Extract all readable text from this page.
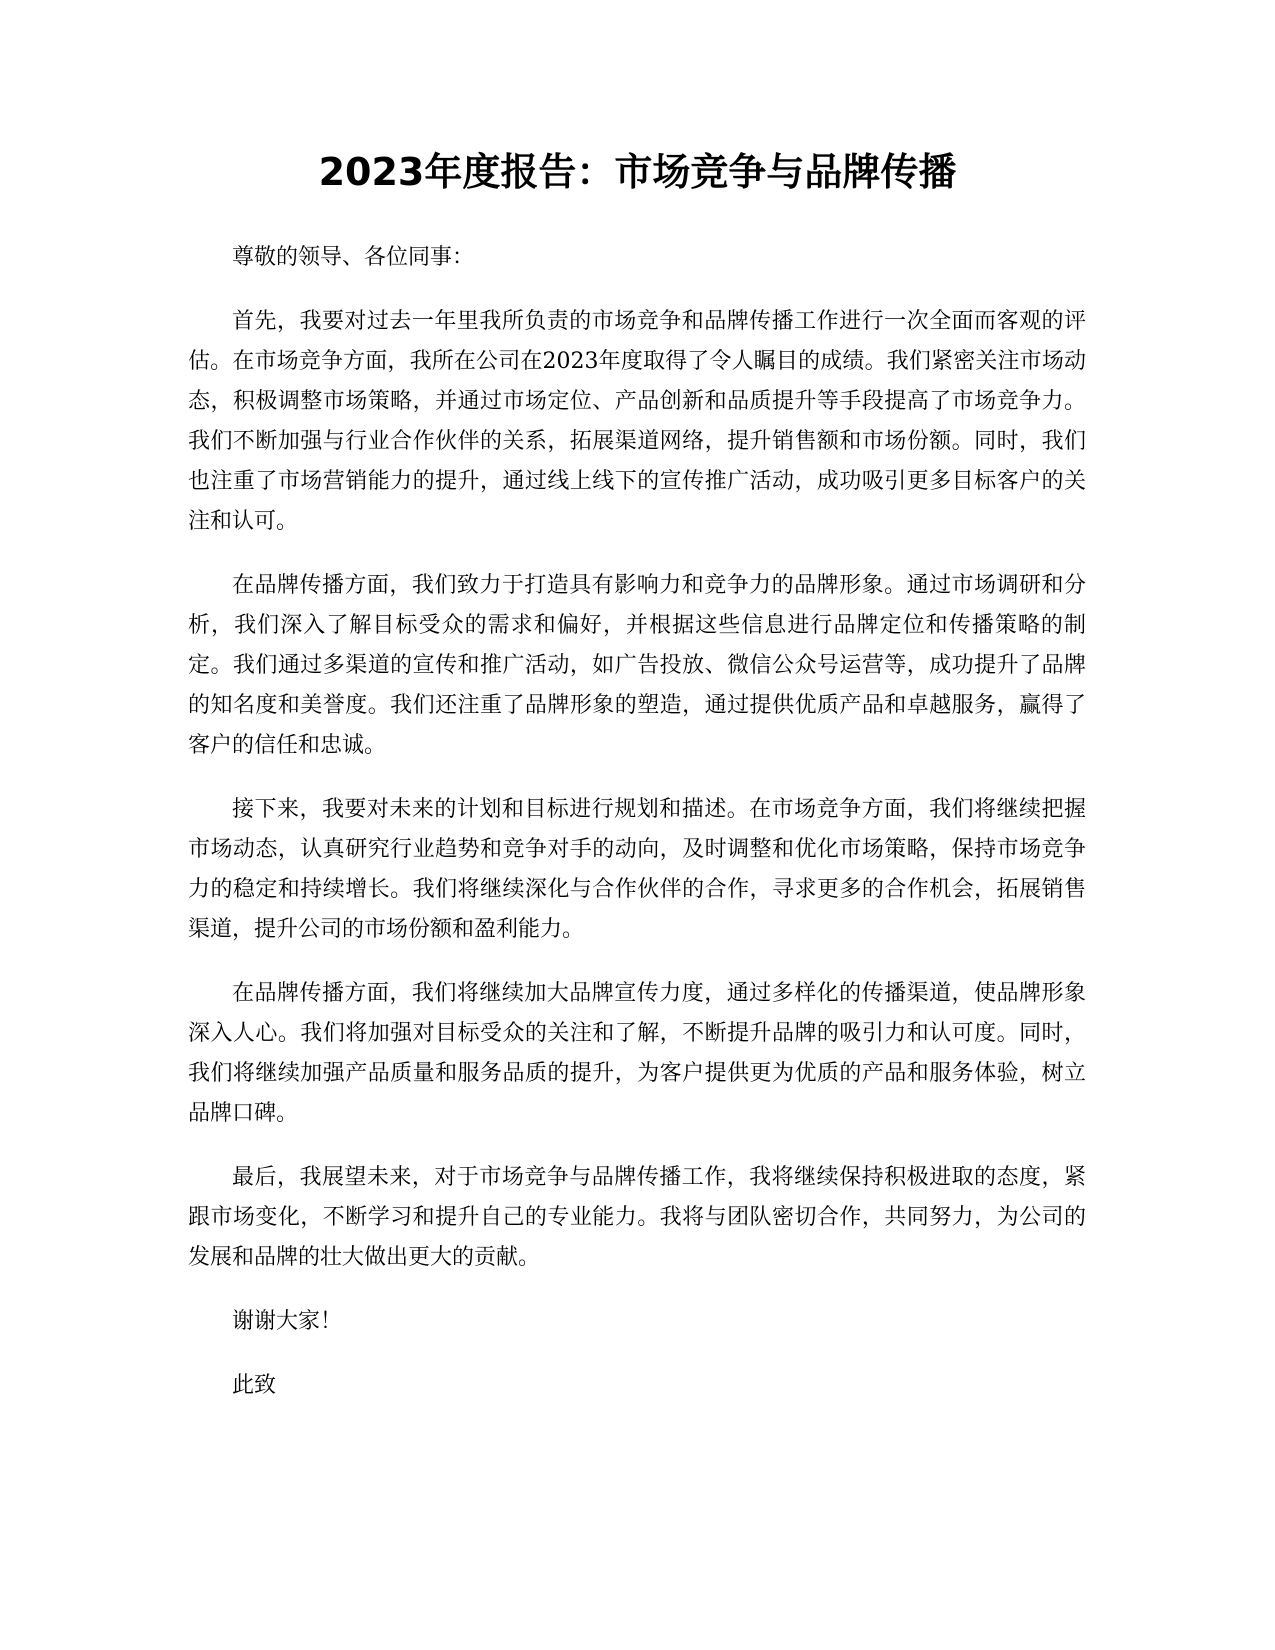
2023年度报告：市场竞争与品牌传播

尊敬的领导、各位同事：

首先，我要对过去一年里我所负责的市场竞争和品牌传播工作进行一次全面而客观的评估。在市场竞争方面，我所在公司在2023年度取得了令人瞩目的成绩。我们紧密关注市场动态，积极调整市场策略，并通过市场定位、产品创新和品质提升等手段提高了市场竞争力。我们不断加强与行业合作伙伴的关系，拓展渠道网络，提升销售额和市场份额。同时，我们也注重了市场营销能力的提升，通过线上线下的宣传推广活动，成功吸引更多目标客户的关注和认可。

在品牌传播方面，我们致力于打造具有影响力和竞争力的品牌形象。通过市场调研和分析，我们深入了解目标受众的需求和偏好，并根据这些信息进行品牌定位和传播策略的制定。我们通过多渠道的宣传和推广活动，如广告投放、微信公众号运营等，成功提升了品牌的知名度和美誉度。我们还注重了品牌形象的塑造，通过提供优质产品和卓越服务，赢得了客户的信任和忠诚。

接下来，我要对未来的计划和目标进行规划和描述。在市场竞争方面，我们将继续把握市场动态，认真研究行业趋势和竞争对手的动向，及时调整和优化市场策略，保持市场竞争力的稳定和持续增长。我们将继续深化与合作伙伴的合作，寻求更多的合作机会，拓展销售渠道，提升公司的市场份额和盈利能力。

在品牌传播方面，我们将继续加大品牌宣传力度，通过多样化的传播渠道，使品牌形象深入人心。我们将加强对目标受众的关注和了解，不断提升品牌的吸引力和认可度。同时，我们将继续加强产品质量和服务品质的提升，为客户提供更为优质的产品和服务体验，树立品牌口碑。

最后，我展望未来，对于市场竞争与品牌传播工作，我将继续保持积极进取的态度，紧跟市场变化，不断学习和提升自己的专业能力。我将与团队密切合作，共同努力，为公司的发展和品牌的壮大做出更大的贡献。

谢谢大家！

此致
